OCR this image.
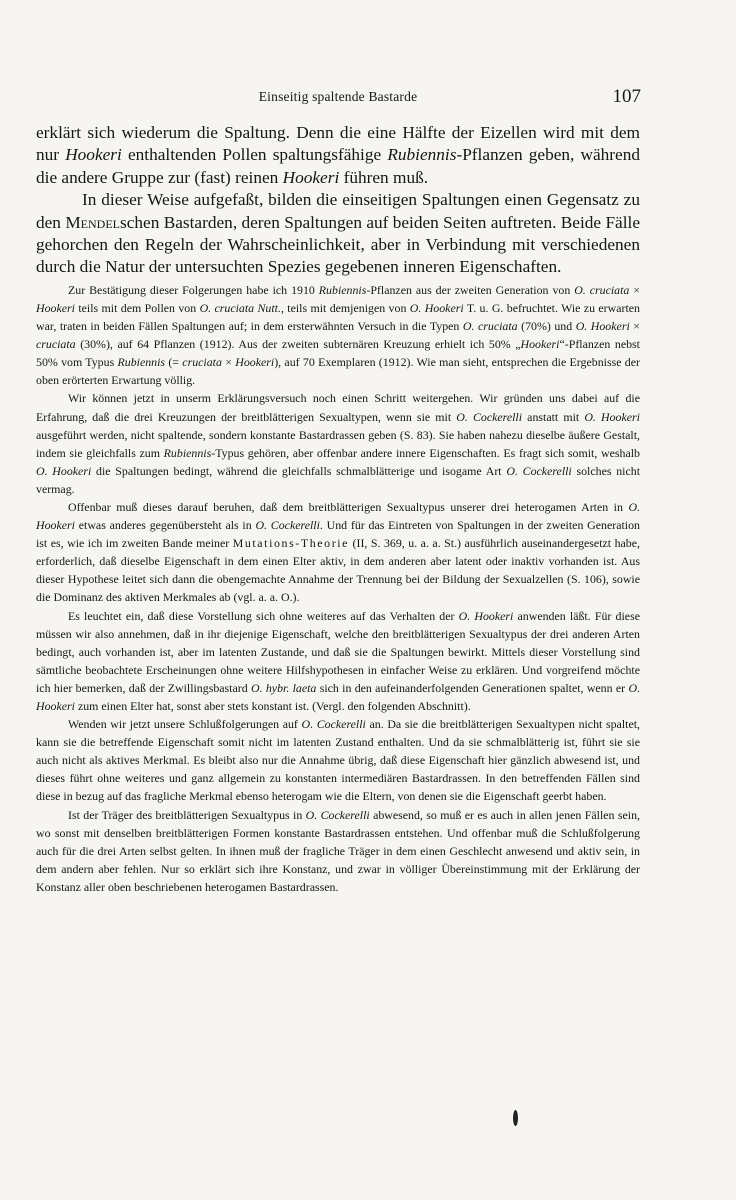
Einseitig spaltende Bastarde	107

erklärt sich wiederum die Spaltung. Denn die eine Hälfte der Eizellen wird mit dem nur Hookeri enthaltenden Pollen spaltungsfähige Rubiennis-Pflanzen geben, während die andere Gruppe zur (fast) reinen Hookeri führen muß.

In dieser Weise aufgefaßt, bilden die einseitigen Spaltungen einen Gegensatz zu den Mendelschen Bastarden, deren Spaltungen auf beiden Seiten auftreten. Beide Fälle gehorchen den Regeln der Wahrscheinlichkeit, aber in Verbindung mit verschiedenen durch die Natur der untersuchten Spezies gegebenen inneren Eigenschaften.

Zur Bestätigung dieser Folgerungen habe ich 1910 Rubiennis-Pflanzen aus der zweiten Generation von O. cruciata × Hookeri teils mit dem Pollen von O. cruciata Nutt., teils mit demjenigen von O. Hookeri T. u. G. befruchtet. Wie zu erwarten war, traten in beiden Fällen Spaltungen auf; in dem ersterwähnten Versuch in die Typen O. cruciata (70%) und O. Hookeri × cruciata (30%), auf 64 Pflanzen (1912). Aus der zweiten subternären Kreuzung erhielt ich 50% „Hookeri“-Pflanzen nebst 50% vom Typus Rubiennis (= cruciata × Hookeri), auf 70 Exemplaren (1912). Wie man sieht, entsprechen die Ergebnisse der oben erörterten Erwartung völlig.

Wir können jetzt in unserm Erklärungsversuch noch einen Schritt weitergehen. Wir gründen uns dabei auf die Erfahrung, daß die drei Kreuzungen der breitblätterigen Sexualtypen, wenn sie mit O. Cockerelli anstatt mit O. Hookeri ausgeführt werden, nicht spaltende, sondern konstante Bastardrassen geben (S. 83). Sie haben nahezu dieselbe äußere Gestalt, indem sie gleichfalls zum Rubiennis-Typus gehören, aber offenbar andere innere Eigenschaften. Es fragt sich somit, weshalb O. Hookeri die Spaltungen bedingt, während die gleichfalls schmalblätterige und isogame Art O. Cockerelli solches nicht vermag.

Offenbar muß dieses darauf beruhen, daß dem breitblätterigen Sexualtypus unserer drei heterogamen Arten in O. Hookeri etwas anderes gegenübersteht als in O. Cockerelli. Und für das Eintreten von Spaltungen in der zweiten Generation ist es, wie ich im zweiten Bande meiner Mutations-Theorie (II, S. 369, u. a. a. St.) ausführlich auseinandergesetzt habe, erforderlich, daß dieselbe Eigenschaft in dem einen Elter aktiv, in dem anderen aber latent oder inaktiv vorhanden ist. Aus dieser Hypothese leitet sich dann die obengemachte Annahme der Trennung bei der Bildung der Sexualzellen (S. 106), sowie die Dominanz des aktiven Merkmales ab (vgl. a. a. O.).

Es leuchtet ein, daß diese Vorstellung sich ohne weiteres auf das Verhalten der O. Hookeri anwenden läßt. Für diese müssen wir also annehmen, daß in ihr diejenige Eigenschaft, welche den breitblätterigen Sexualtypus der drei anderen Arten bedingt, auch vorhanden ist, aber im latenten Zustande, und daß sie die Spaltungen bewirkt. Mittels dieser Vorstellung sind sämtliche beobachtete Erscheinungen ohne weitere Hilfshypothesen in einfacher Weise zu erklären. Und vorgreifend möchte ich hier bemerken, daß der Zwillingsbastard O. hybr. laeta sich in den aufeinanderfolgenden Generationen spaltet, wenn er O. Hookeri zum einen Elter hat, sonst aber stets konstant ist. (Vergl. den folgenden Abschnitt).

Wenden wir jetzt unsere Schlußfolgerungen auf O. Cockerelli an. Da sie die breitblätterigen Sexualtypen nicht spaltet, kann sie die betreffende Eigenschaft somit nicht im latenten Zustand enthalten. Und da sie schmalblätterig ist, führt sie sie auch nicht als aktives Merkmal. Es bleibt also nur die Annahme übrig, daß diese Eigenschaft hier gänzlich abwesend ist, und dieses führt ohne weiteres und ganz allgemein zu konstanten intermediären Bastardrassen. In den betreffenden Fällen sind diese in bezug auf das fragliche Merkmal ebenso heterogam wie die Eltern, von denen sie die Eigenschaft geerbt haben.

Ist der Träger des breitblätterigen Sexualtypus in O. Cockerelli abwesend, so muß er es auch in allen jenen Fällen sein, wo sonst mit denselben breitblätterigen Formen konstante Bastardrassen entstehen. Und offenbar muß die Schlußfolgerung auch für die drei Arten selbst gelten. In ihnen muß der fragliche Träger in dem einen Geschlecht anwesend und aktiv sein, in dem andern aber fehlen. Nur so erklärt sich ihre Konstanz, und zwar in völliger Übereinstimmung mit der Erklärung der Konstanz aller oben beschriebenen heterogamen Bastardrassen.
